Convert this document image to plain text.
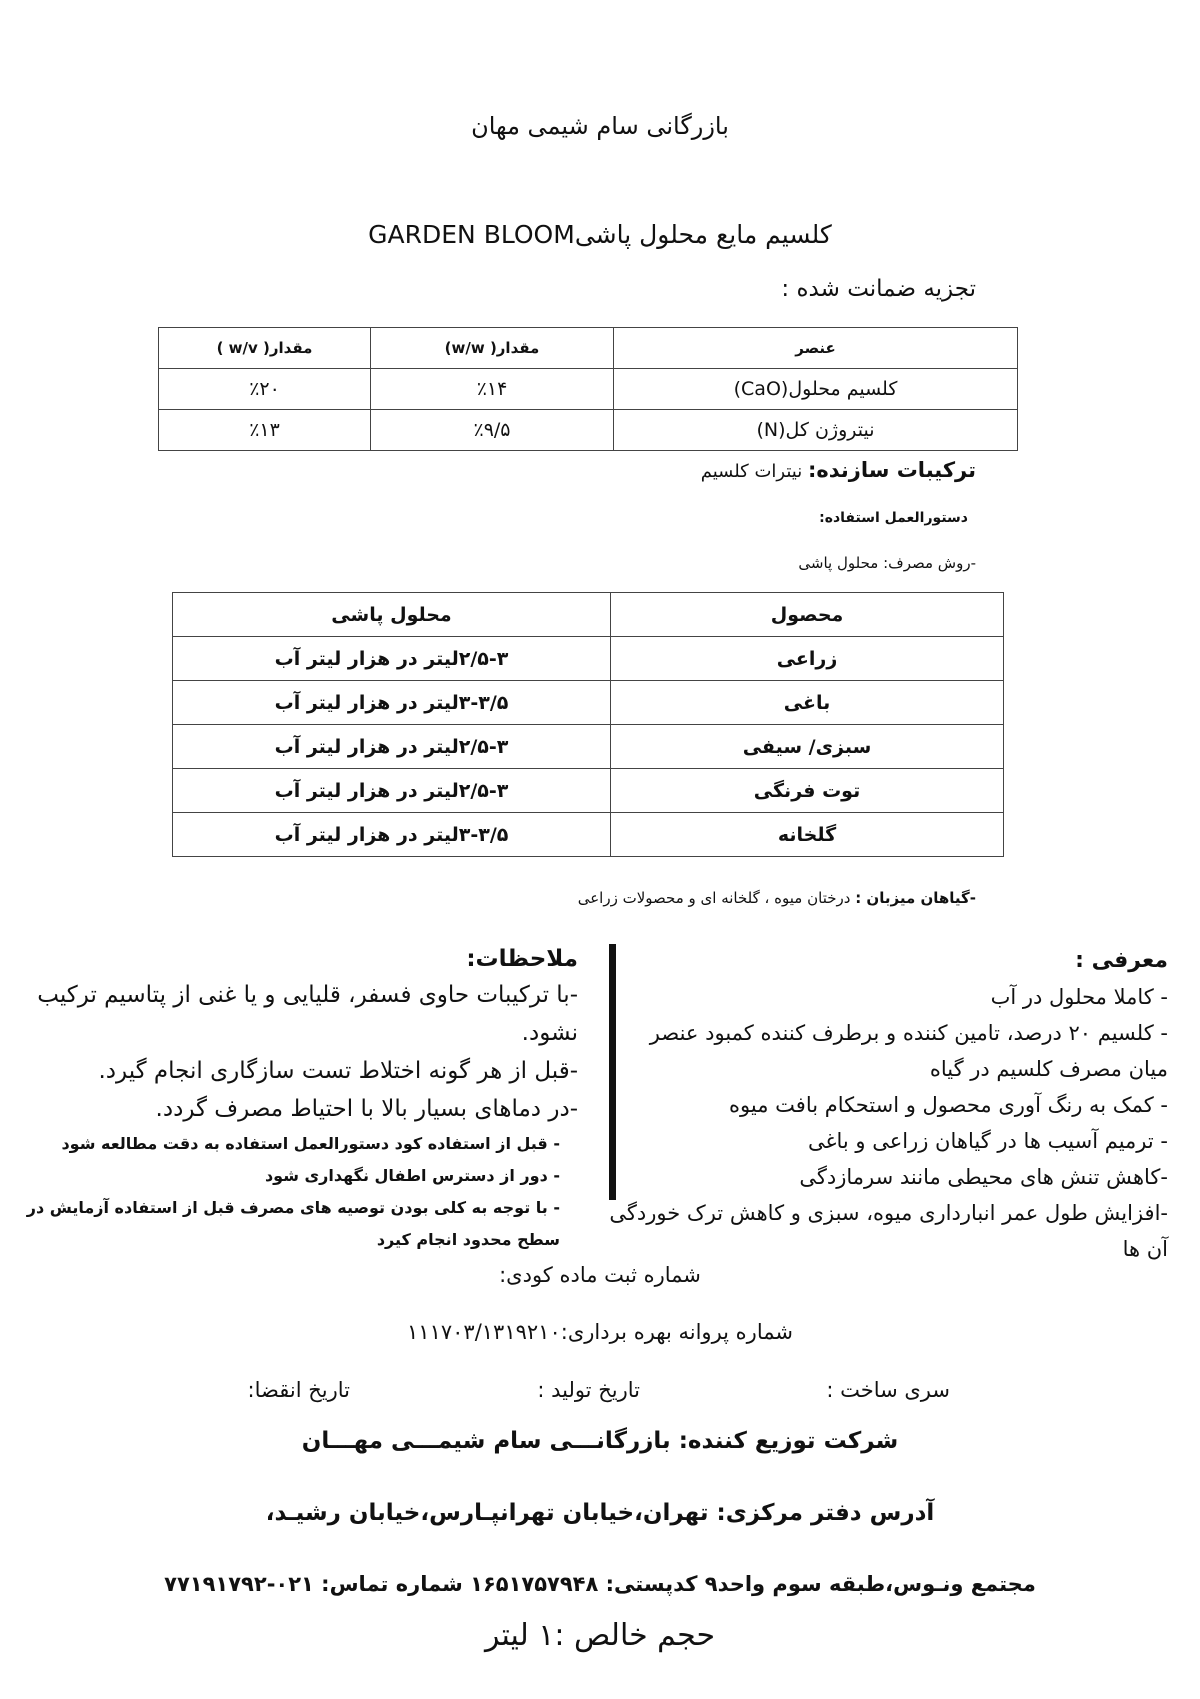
بازرگانی سام شیمی مهان
کلسیم مایع محلول پاشیGARDEN BLOOM
تجزیه ضمانت شده :
عنصر	مقدار( w/w)	مقدار( w/v )
کلسیم محلول(CaO)	٪۱۴	٪۲۰
نیتروژن کل(N)	٪۹/۵	٪۱۳
ترکیبات سازنده: نیترات کلسیم
دستورالعمل استفاده:
-روش مصرف: محلول پاشی
محصول	محلول پاشی
زراعی	۲/۵-۳لیتر در هزار لیتر آب
باغی	۳-۳/۵لیتر در هزار لیتر آب
سبزی/ سیفی	۲/۵-۳لیتر در هزار لیتر آب
توت فرنگی	۲/۵-۳لیتر در هزار لیتر آب
گلخانه	۳-۳/۵لیتر در هزار لیتر آب
-گیاهان میزبان : درختان میوه ، گلخانه ای و محصولات زراعی
معرفی :
- کاملا محلول در آب
- کلسیم ۲۰ درصد، تامین کننده و برطرف کننده کمبود عنصر میان مصرف کلسیم در گیاه
- کمک به رنگ آوری محصول و استحکام بافت میوه
- ترمیم آسیب ها در گیاهان زراعی و باغی
-کاهش تنش های محیطی مانند سرمازدگی
-افزایش طول عمر انبارداری میوه، سبزی و کاهش ترک خوردگی آن ها
ملاحظات:
-با ترکیبات حاوی فسفر، قلیایی و یا غنی از پتاسیم ترکیب نشود.
-قبل از هر گونه اختلاط تست سازگاری انجام گیرد.
-در دماهای بسیار بالا با احتیاط مصرف گردد.
- قبل از استفاده کود دستورالعمل استفاده به دقت مطالعه شود
- دور از دسترس اطفال نگهداری شود
- با توجه به کلی بودن توصیه های مصرف قبل از استفاده آزمایش در سطح محدود انجام کیرد
شماره ثبت ماده کودی:
شماره پروانه بهره برداری:۱۱۱۷۰۳/۱۳۱۹۲۱۰
سری ساخت :
تاریخ تولید :
تاریخ انقضا:
شرکت توزیع کننده: بازرگانـــی سام شیمـــی مهـــان
آدرس دفتر مرکزی: تهران،خیابان تهرانپـارس،خیابان رشیـد،
مجتمع ونـوس،طبقه سوم واحد۹ کدپستی: ۱۶۵۱۷۵۷۹۴۸ شماره تماس: ۰۲۱-۷۷۱۹۱۷۹۲
حجم خالص :۱ لیتر
